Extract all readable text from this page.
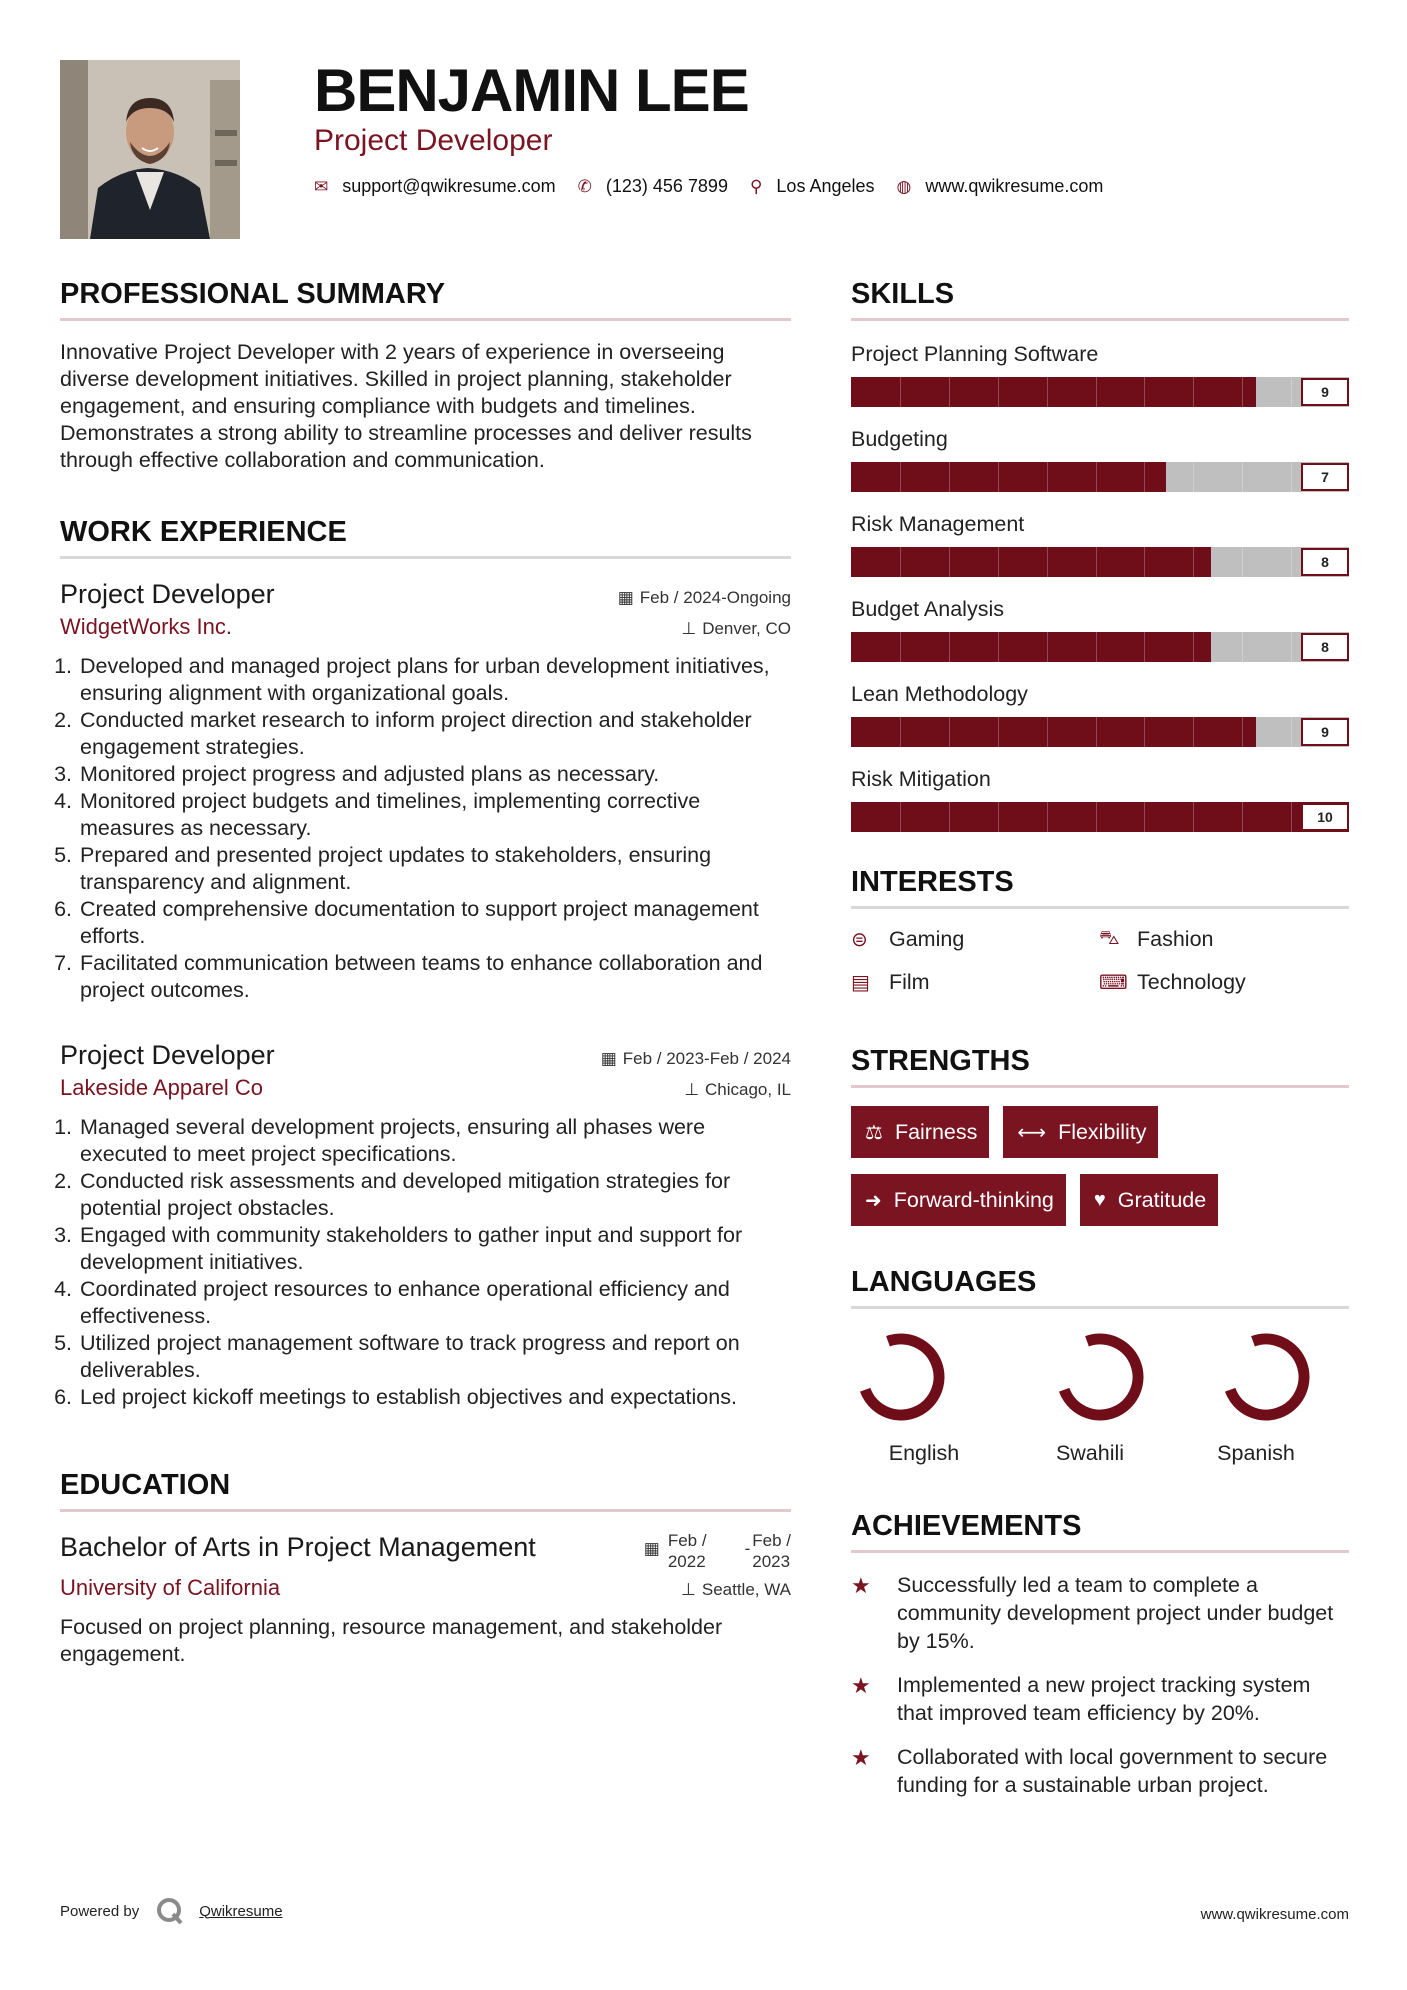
BENJAMIN LEE
Project Developer
✉ support@qwikresume.com ✆ (123) 456 7899 ⚲ Los Angeles ◍ www.qwikresume.com
PROFESSIONAL SUMMARY

Innovative Project Developer with 2 years of experience in overseeing diverse development initiatives. Skilled in project planning, stakeholder engagement, and ensuring compliance with budgets and timelines. Demonstrates a strong ability to streamline processes and deliver results through effective collaboration and communication.

WORK EXPERIENCE
Project Developer	▦ Feb / 2024-Ongoing
WidgetWorks Inc.	⊥ Denver, CO
1. Developed and managed project plans for urban development initiatives, ensuring alignment with organizational goals.
2. Conducted market research to inform project direction and stakeholder engagement strategies.
3. Monitored project progress and adjusted plans as necessary.
4. Monitored project budgets and timelines, implementing corrective measures as necessary.
5. Prepared and presented project updates to stakeholders, ensuring transparency and alignment.
6. Created comprehensive documentation to support project management efforts.
7. Facilitated communication between teams to enhance collaboration and project outcomes.
Project Developer	▦ Feb / 2023-Feb / 2024
Lakeside Apparel Co	⊥ Chicago, IL
1. Managed several development projects, ensuring all phases were executed to meet project specifications.
2. Conducted risk assessments and developed mitigation strategies for potential project obstacles.
3. Engaged with community stakeholders to gather input and support for development initiatives.
4. Coordinated project resources to enhance operational efficiency and effectiveness.
5. Utilized project management software to track progress and report on deliverables.
6. Led project kickoff meetings to establish objectives and expectations.
EDUCATION
Bachelor of Arts in Project Management	▦ Feb /
2022
- Feb /
2023
University of California	⊥ Seattle, WA
Focused on project planning, resource management, and stakeholder engagement.
SKILLS
Project Planning Software
9
Budgeting
7
Risk Management
8
Budget Analysis
8
Lean Methodology
9
Risk Mitigation
10
INTERESTS
⊜ Gaming	⛍ Fashion
▤ Film	⌨ Technology
STRENGTHS
⚖ Fairness ⟷ Flexibility
➜ Forward-thinking ♥ Gratitude
LANGUAGES
English	Swahili	Spanish
ACHIEVEMENTS
★	Successfully led a team to complete a community development project under budget by 15%.
★	Implemented a new project tracking system that improved team efficiency by 20%.
★	Collaborated with local government to secure funding for a sustainable urban project.
Powered by	Qwikresume	www.qwikresume.com
